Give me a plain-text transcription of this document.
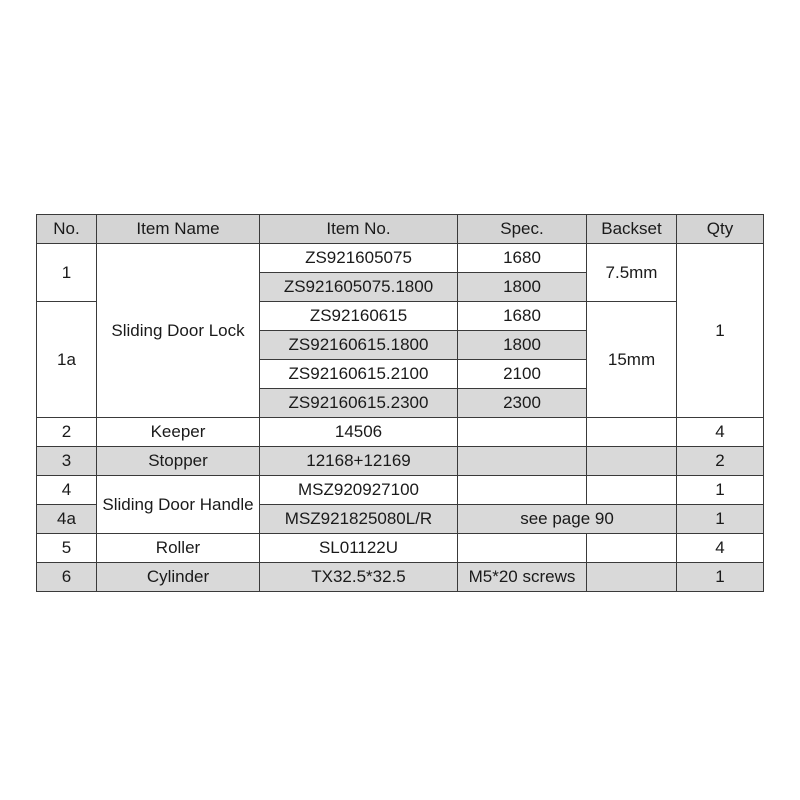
No.	Item Name	Item No.	Spec.	Backset	Qty
1	Sliding Door Lock	ZS921605075	1680	7.5mm	1
		ZS921605075.1800	1800		
1a		ZS92160615	1680	15mm	
		ZS92160615.1800	1800		
		ZS92160615.2100	2100		
		ZS92160615.2300	2300		
2	Keeper	14506			4
3	Stopper	12168+12169			2
4	Sliding Door Handle	MSZ920927100			1
4a		MSZ921825080L/R	see page 90		1
5	Roller	SL01122U			4
6	Cylinder	TX32.5*32.5	M5*20 screws		1
